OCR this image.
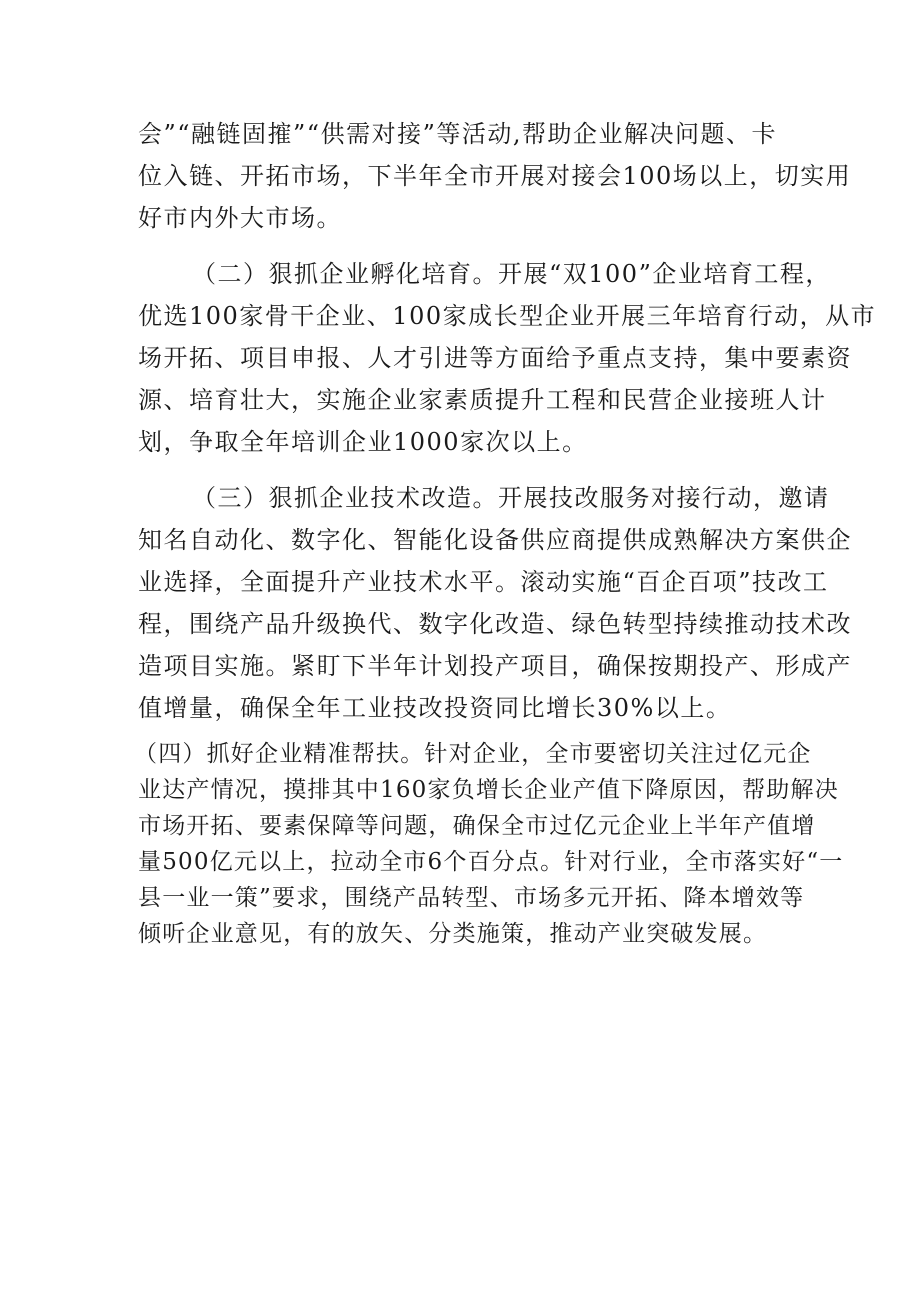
会”“融链固㩁”“供需对接”等活动,帮助企业解决问题、卡
位入链、开拓市场，下半年全市开展对接会100场以上，切实用
好市内外大市场。
（二）狠抓企业孵化培育。开展“双100”企业培育工程，
优选100家骨干企业、100家成长型企业开展三年培育行动，从市
场开拓、项目申报、人才引进等方面给予重点支持，集中要素资
源、培育壮大，实施企业家素质提升工程和民营企业接班人计
划，争取全年培训企业1000家次以上。
（三）狠抓企业技术改造。开展技改服务对接行动，邀请
知名自动化、数字化、智能化设备供应商提供成熟解决方案供企
业选择，全面提升产业技术水平。滚动实施“百企百项”技改工
程，围绕产品升级换代、数字化改造、绿色转型持续推动技术改
造项目实施。紧盯下半年计划投产项目，确保按期投产、形成产
值增量，确保全年工业技改投资同比增长30%以上。
（四）抓好企业精准帮扶。针对企业，全市要密切关注过亿元企
业达产情况，摸排其中160家负增长企业产值下降原因，帮助解决
市场开拓、要素保障等问题，确保全市过亿元企业上半年产值增
量500亿元以上，拉动全市6个百分点。针对行业，全市落实好“一
县一业一策”要求，围绕产品转型、市场多元开拓、降本增效等
倾听企业意见，有的放矢、分类施策，推动产业突破发展。
